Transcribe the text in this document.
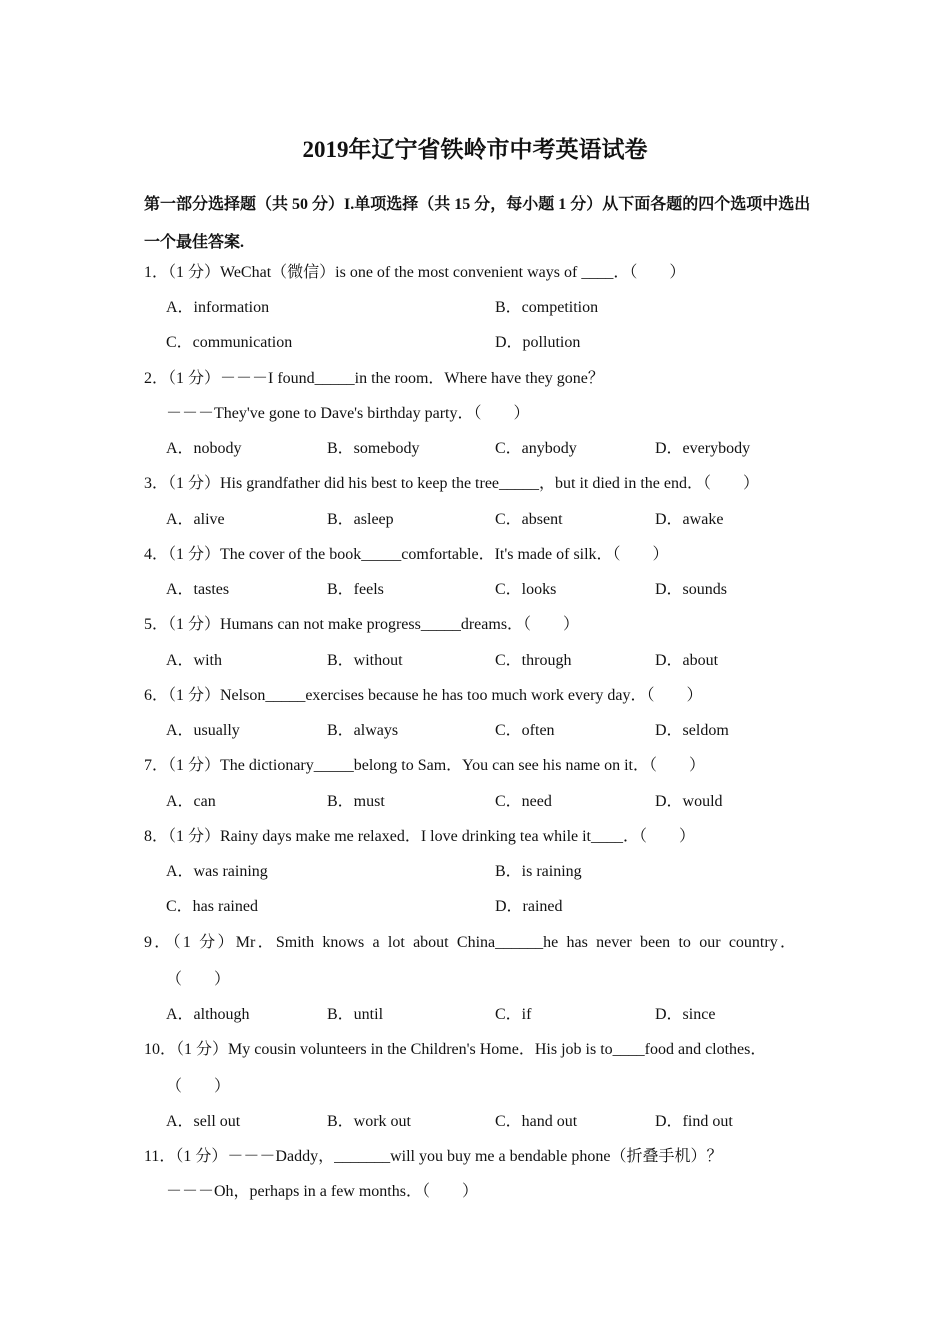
2019年辽宁省铁岭市中考英语试卷
第一部分选择题（共 50 分）I.单项选择（共 15 分，每小题 1 分）从下面各题的四个选项中选出一个最佳答案.
1．（1 分）WeChat（微信）is one of the most convenient ways of ____．（　　）
A．information	B．competition
C．communication	D．pollution
2．（1 分）－－－I found_____in the room．Where have they gone？
－－－They've gone to Dave's birthday party．（　　）
A．nobody	B．somebody	C．anybody	D．everybody
3．（1 分）His grandfather did his best to keep the tree_____，but it died in the end．（　　）
A．alive	B．asleep	C．absent	D．awake
4．（1 分）The cover of the book_____comfortable．It's made of silk．（　　）
A．tastes	B．feels	C．looks	D．sounds
5．（1 分）Humans can not make progress_____dreams．（　　）
A．with	B．without	C．through	D．about
6．（1 分）Nelson_____exercises because he has too much work every day．（　　）
A．usually	B．always	C．often	D．seldom
7．（1 分）The dictionary_____belong to Sam．You can see his name on it．（　　）
A．can	B．must	C．need	D．would
8．（1 分）Rainy days make me relaxed．I love drinking tea while it____．（　　）
A．was raining	B．is raining
C．has rained	D．rained
9．（1 分）Mr．Smith knows a lot about China______he has never been to our country．
（　　）
A．although	B．until	C．if	D．since
10．（1 分）My cousin volunteers in the Children's Home．His job is to____food and clothes．
（　　）
A．sell out	B．work out	C．hand out	D．find out
11．（1 分）－－－Daddy，_______will you buy me a bendable phone（折叠手机）？
－－－Oh，perhaps in a few months．（　　）
